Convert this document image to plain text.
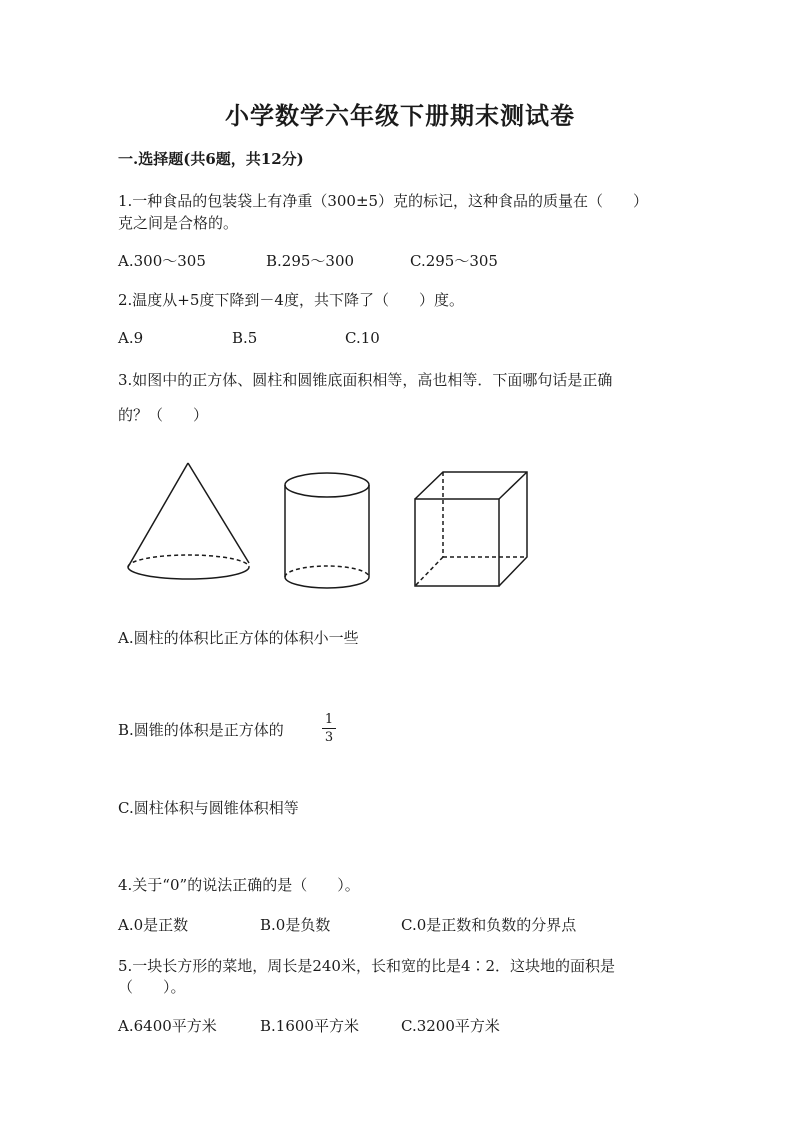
小学数学六年级下册期末测试卷
一.选择题(共6题，共12分)
1.一种食品的包装袋上有净重（300±5）克的标记，这种食品的质量在（　　）
克之间是合格的。
A.300～305	B.295～300	C.295～305
2.温度从+5度下降到－4度，共下降了（　　）度。
A.9	B.5	C.10
3.如图中的正方体、圆柱和圆锥底面积相等，高也相等．下面哪句话是正确
的？（　　）
A.圆柱的体积比正方体的体积小一些
B.圆锥的体积是正方体的
1
3
C.圆柱体积与圆锥体积相等
4.关于“0”的说法正确的是（　　）。
A.0是正数	B.0是负数	C.0是正数和负数的分界点
5.一块长方形的菜地，周长是240米，长和宽的比是4∶2．这块地的面积是
（　　）。
A.6400平方米	B.1600平方米	C.3200平方米
